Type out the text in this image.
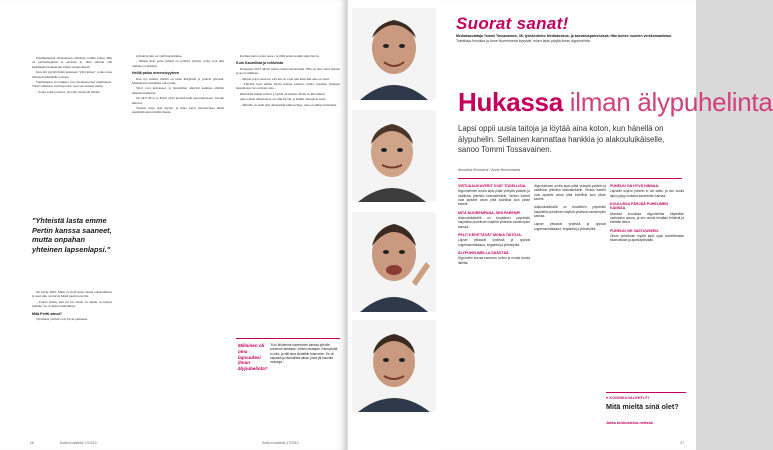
Ensimmäisenä salaisuuteen vihkittyä vanhin poika. Hän on parikymppinen ja aavistaa jo, mitä suuttuu olla kymmenen kuukauden välein tasapuolisesti.

Kun äiti pyytää häntä kanssaan "yhtä juttua", poika ottaa tilanteen mielellään vastaan.

Vanhempien arvostukset ovat huomattavasti muuttuneet. Tässä vaiheessa vain lapsi itse osaa sen tarkasti tietää.

– Poika soitti ja kertoi, että äiti, tiesin tää silloin!

"Yhteistä lasta emme Pertin kanssa saaneet, mutta onpahan yhteinen lapsenlapsi."

On kevät 2003. Marit ei vielä tiedä, mutta rakastuminen ja uusi alku odottavat häntä kesän korvalla.

– Uskon siihen, että jos tuo tunne on oikein, se kantaa pitkälle. Se on kuin kotiutumista.

Mitä Pertti sanoi?

Tytöilleen ystävät ovat hyvin puhuneet.

työrekrytointi on vielä harjoittelua.

– Minun ihan paras juttuni on tyttären tyttäret, jotka ovat niin rakkaita ja tärkeitä.

Heillä paluu menneisyyteen

Kun nyt mietin, meillä on sama ikäryhmä ja ystävät yhteisiä. Muistetaan toisiamme joka joulu.

Tytöt ovat kasvaneet, ja molemmat näkyvät kaikissa elämän tärkeissä hetkissä.

On talvi 2012, ja Marit vietti kevättä kuin nuoruudessaan. Vuodet kuluvat.

Vastaus tulee ajan myötä, ja mies sanoi rakastavansa häntä enemmän kuin mitään muuta.

Kolmas kerta toden sanoo, ja tällä kertaa kaikki sujui hyvin.

Kuin Kaunilista ja rohkeista

Elokuussa 2013 Marit toistaa nimeä mielessään. Hän on aina ollut iloinen ja suora ihminen.

– Minun pojat sanoivat, että äiti on vaan niin kuin hän aina on ollut.

– Yhteistä lasta emme Pertin kanssa saaneet, mutta onpahan yhteinen lapsenlapsi. Se on ihana asia.

Ristiäisiin kaikki tulivat, ja juhla oli kaunis. Marit on kiitollinen.

Aika ennen nimenantoa on ollut hyvää, ja kaikki rakastavat lasta.

– Minulla on enää yksi aikaisempi kihlasormus, joka on jäänyt muistoksi.

Millainen oli oma lapsuutesi ilman älypuhelinta?
"Kun lähdimme kavereiden kanssa pihoille, sovimme tarkkaan, milloin tavataan. Kännyköitä ei ollut, ja silti aina löydettiin toisemme. Se oli vapaata ja rauhallista aikaa, josta jäi kauniita muistoja."
26	Kotiin Kuvalehti 17/2013	Kotiin Kuvalehti 17/2013
Suorat sanat!
Mediakasvattaja Tommi Tossavainen, 36, työskentelee Mediakeskus- ja kasvatuspalveluissa. Hän tuntee nuorten verkkomaailman. Toimittaja Annukka ja Anne Nummiranta kysyivät, miten lapsi pärjää ilman älypuhelinta.
Hukassa ilman älypuhelinta
Lapsi oppii uusia taitoja ja löytää aina koton, kun hänellä on älypuhelin. Sellainen kannattaa hankkia jo alakouluikäiselle, sanoo Tommi Tossavainen.
Annukka Kivimiemi / Anne Nummiranta
VIRTUAALIKAVERIT OVAT TODELLISIA.
Älypuhelimen avulla lapsi pitää yhteyttä ystäviin ja osallistuu yhteisiin keskusteluihin. Verkon kaverit ovat lapselle aivan yhtä todellisia kuin pihan kaverit.
MITÄ NUOREMPANA, SEN PAREMPI.
Alakouluikäisellä on turvallinen ympäristö harjoitella puhelimen käyttöä yhdessä vanhempien kanssa.
PELIT KEHITTÄVÄT MONIA TAITOJA.
Lapset pelaavat yhdessä ja oppivat ongelmanratkaisua, englantia ja yhteistyötä.
ÄLYPUHELIMELLA SÄÄSTÄÄ.
Älypuhelin korvaa kameran, kellon ja monta muuta laitetta.
Älypuhelimen avulla lapsi pitää yhteyttä ystäviin ja osallistuu yhteisiin keskusteluihin. Verkon kaverit ovat lapselle aivan yhtä todellisia kuin pihan kaverit.
Alakouluikäisellä on turvallinen ympäristö harjoitella puhelimen käyttöä yhdessä vanhempien kanssa.
Lapset pelaavat yhdessä ja oppivat ongelmanratkaisua, englantia ja yhteistyötä.
PUHELIN ON HYVÄ HINNAA.
Lapselle sopiva puhelin ei ole kallis, ja sen avulla lapsi pysyy mukana kavereiden kanssa.
KOULUSSA PÄRJÄÄ PUHELIMEN KANSSA.
Monissa kouluissa älypuhelinta käytetään opetuksen apuna, ja sen avulla tehdään tehtäviä ja etsitään tietoa.
PUHELIN VIE VASTUUSEEN.
Oman puhelimen myötä lapsi oppii huolehtimaan tavaroistaan ja ajankäytöstään.
♥ KODINKUVALEHTI.FI
Mitä mieltä sinä olet?
Jatka keskustelua netissä.
27
